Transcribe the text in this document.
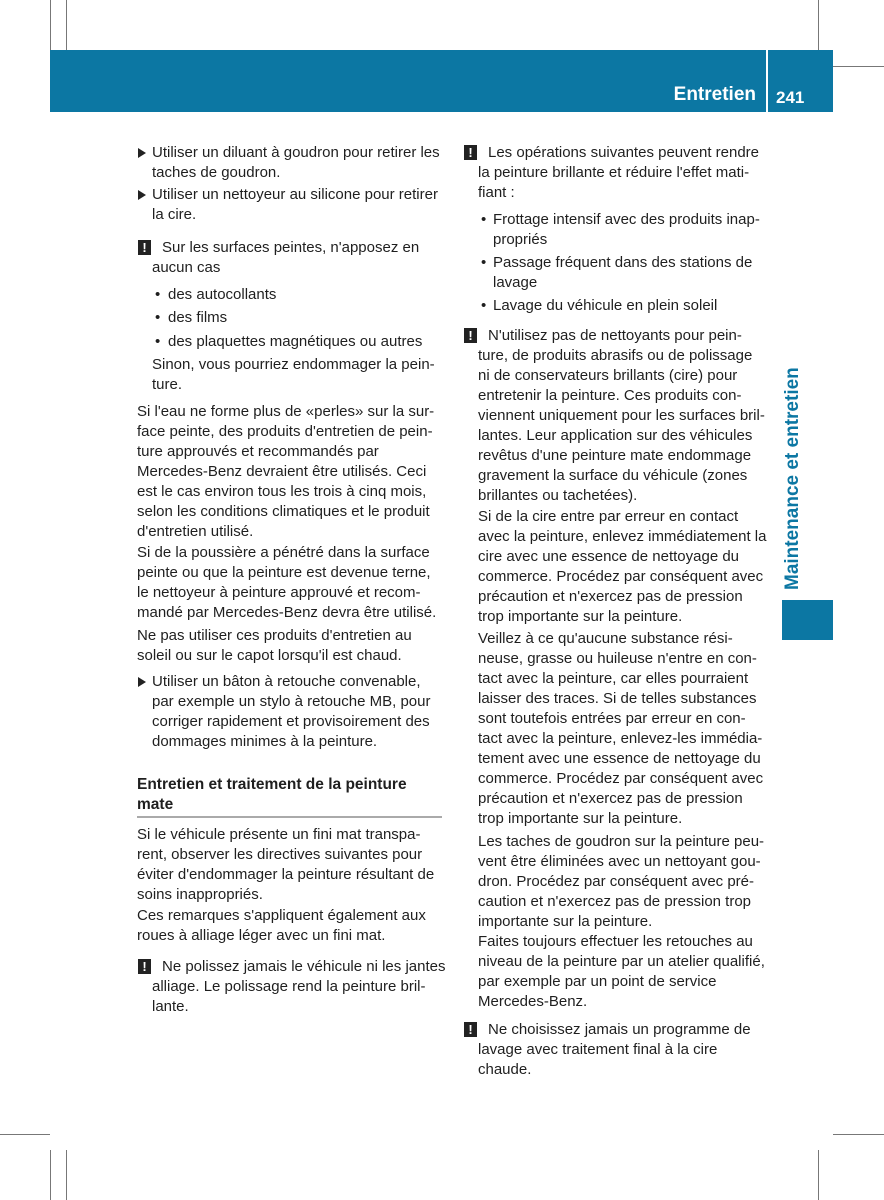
Entretien 241
Maintenance et entretien
Utiliser un diluant à goudron pour retirer les
taches de goudron.
Utiliser un nettoyeur au silicone pour retirer
la cire.
!	Sur les surfaces peintes, n'apposez en
aucun cas
• des autocollants
• des films
• des plaquettes magnétiques ou autres
Sinon, vous pourriez endommager la pein-
ture.
Si l'eau ne forme plus de «perles» sur la sur-
face peinte, des produits d'entretien de pein-
ture approuvés et recommandés par
Mercedes-Benz devraient être utilisés. Ceci
est le cas environ tous les trois à cinq mois,
selon les conditions climatiques et le produit
d'entretien utilisé.
Si de la poussière a pénétré dans la surface
peinte ou que la peinture est devenue terne,
le nettoyeur à peinture approuvé et recom-
mandé par Mercedes-Benz devra être utilisé.
Ne pas utiliser ces produits d'entretien au
soleil ou sur le capot lorsqu'il est chaud.
Utiliser un bâton à retouche convenable,
par exemple un stylo à retouche MB, pour
corriger rapidement et provisoirement des
dommages minimes à la peinture.
Entretien et traitement de la peinture
mate
Si le véhicule présente un fini mat transpa-
rent, observer les directives suivantes pour
éviter d'endommager la peinture résultant de
soins inappropriés.
Ces remarques s'appliquent également aux
roues à alliage léger avec un fini mat.
!	Ne polissez jamais le véhicule ni les jantes
alliage. Le polissage rend la peinture bril-
lante.
!	Les opérations suivantes peuvent rendre
la peinture brillante et réduire l'effet mati-
fiant :
• Frottage intensif avec des produits inap-
propriés
• Passage fréquent dans des stations de
lavage
• Lavage du véhicule en plein soleil
!	N'utilisez pas de nettoyants pour pein-
ture, de produits abrasifs ou de polissage
ni de conservateurs brillants (cire) pour
entretenir la peinture. Ces produits con-
viennent uniquement pour les surfaces bril-
lantes. Leur application sur des véhicules
revêtus d'une peinture mate endommage
gravement la surface du véhicule (zones
brillantes ou tachetées).
Si de la cire entre par erreur en contact
avec la peinture, enlevez immédiatement la
cire avec une essence de nettoyage du
commerce. Procédez par conséquent avec
précaution et n'exercez pas de pression
trop importante sur la peinture.
Veillez à ce qu'aucune substance rési-
neuse, grasse ou huileuse n'entre en con-
tact avec la peinture, car elles pourraient
laisser des traces. Si de telles substances
sont toutefois entrées par erreur en con-
tact avec la peinture, enlevez-les immédia-
tement avec une essence de nettoyage du
commerce. Procédez par conséquent avec
précaution et n'exercez pas de pression
trop importante sur la peinture.
Les taches de goudron sur la peinture peu-
vent être éliminées avec un nettoyant gou-
dron. Procédez par conséquent avec pré-
caution et n'exercez pas de pression trop
importante sur la peinture.
Faites toujours effectuer les retouches au
niveau de la peinture par un atelier qualifié,
par exemple par un point de service
Mercedes-Benz.
!	Ne choisissez jamais un programme de
lavage avec traitement final à la cire
chaude.
